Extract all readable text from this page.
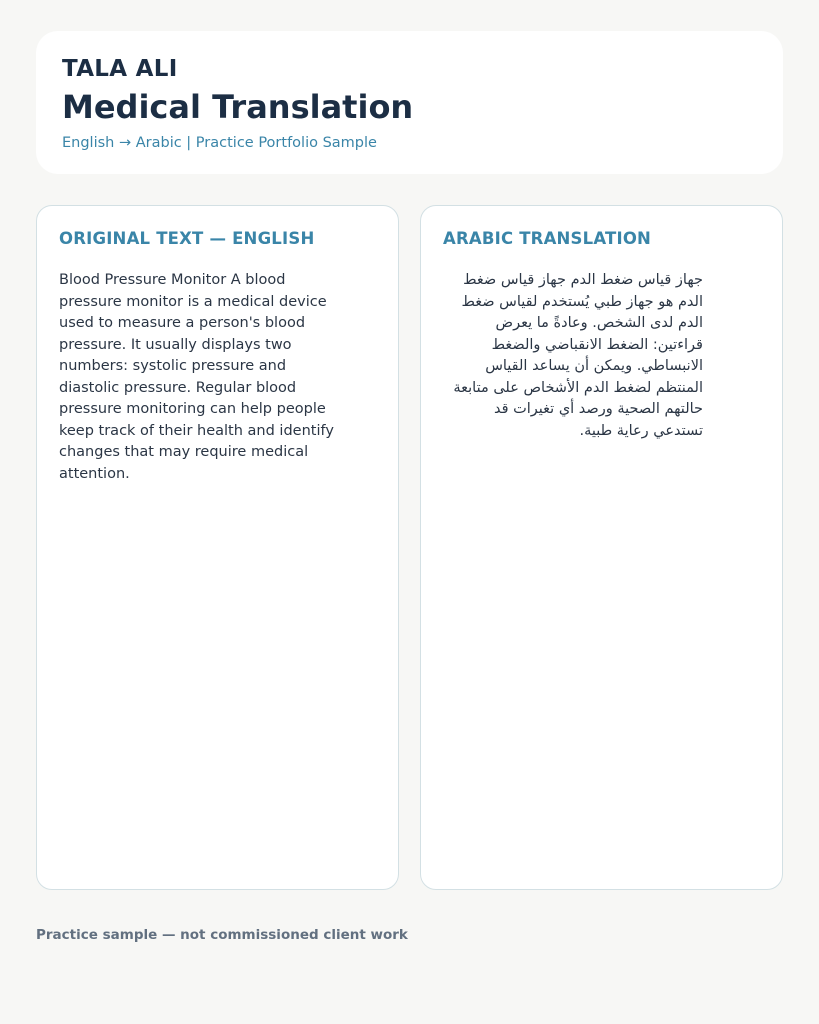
TALA ALI
Medical Translation
English → Arabic | Practice Portfolio Sample
ORIGINAL TEXT — ENGLISH
Blood Pressure Monitor A blood pressure monitor is a medical device used to measure a person's blood pressure. It usually displays two numbers: systolic pressure and diastolic pressure. Regular blood pressure monitoring can help people keep track of their health and identify changes that may require medical attention.
ARABIC TRANSLATION
جهاز قياس ضغط الدم جهاز قياس ضغط الدم هو جهاز طبي يُستخدم لقياس ضغط الدم لدى الشخص. وعادةً ما يعرض قراءتين: الضغط الانقباضي والضغط الانبساطي. ويمكن أن يساعد القياس المنتظم لضغط الدم الأشخاص على متابعة حالتهم الصحية ورصد أي تغيرات قد تستدعي رعاية طبية.
Practice sample — not commissioned client work
